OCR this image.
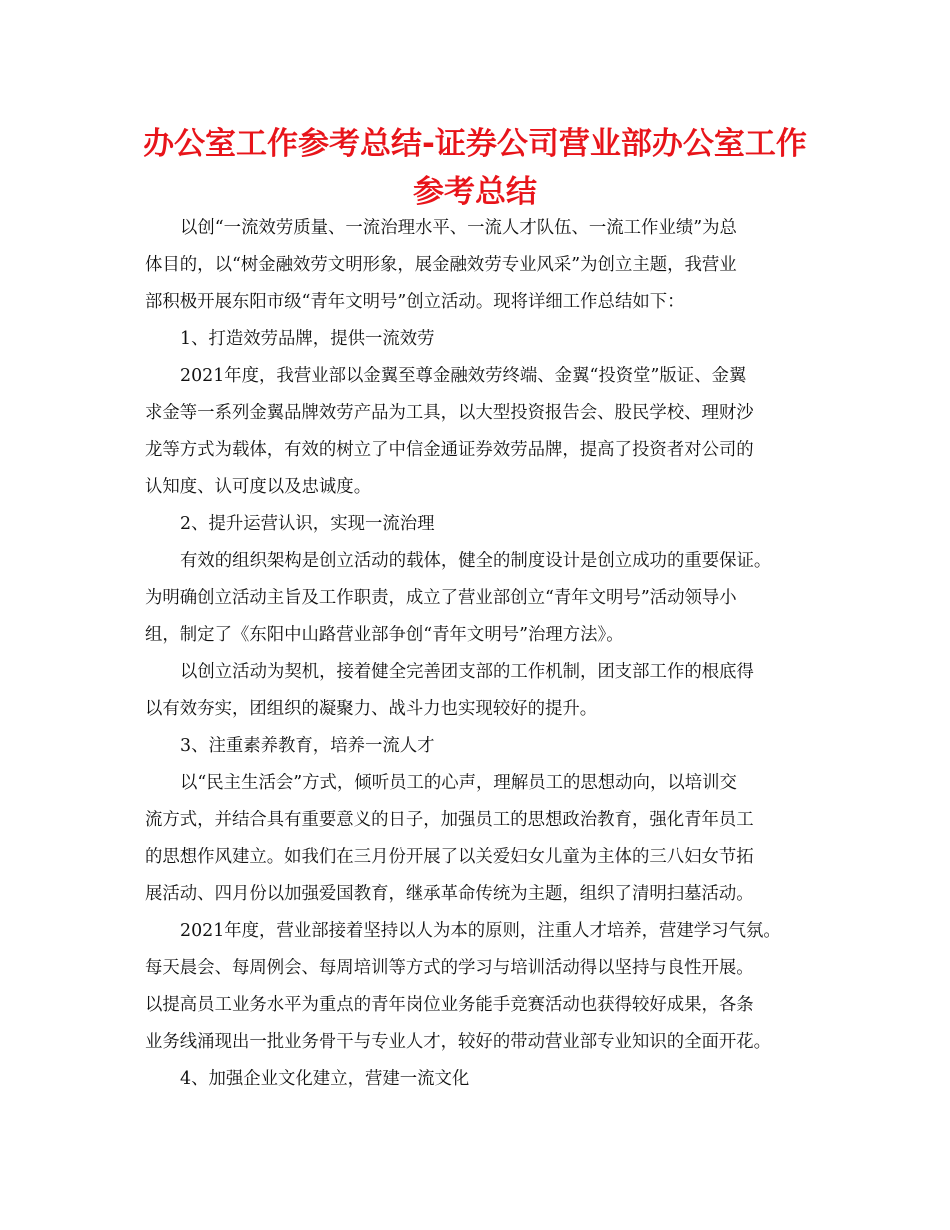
办公室工作参考总结-证券公司营业部办公室工作
参考总结
以创“一流效劳质量、一流治理水平、一流人才队伍、一流工作业绩”为总
体目的，以“树金融效劳文明形象，展金融效劳专业风采”为创立主题，我营业
部积极开展东阳市级“青年文明号”创立活动。现将详细工作总结如下：
1、打造效劳品牌，提供一流效劳
2021年度，我营业部以金翼至尊金融效劳终端、金翼“投资堂”版证、金翼
求金等一系列金翼品牌效劳产品为工具，以大型投资报告会、股民学校、理财沙
龙等方式为载体，有效的树立了中信金通证券效劳品牌，提高了投资者对公司的
认知度、认可度以及忠诚度。
2、提升运营认识，实现一流治理
有效的组织架构是创立活动的载体，健全的制度设计是创立成功的重要保证。
为明确创立活动主旨及工作职责，成立了营业部创立“青年文明号”活动领导小
组，制定了《东阳中山路营业部争创“青年文明号”治理方法》。
以创立活动为契机，接着健全完善团支部的工作机制，团支部工作的根底得
以有效夯实，团组织的凝聚力、战斗力也实现较好的提升。
3、注重素养教育，培养一流人才
以“民主生活会”方式，倾听员工的心声，理解员工的思想动向，以培训交
流方式，并结合具有重要意义的日子，加强员工的思想政治教育，强化青年员工
的思想作风建立。如我们在三月份开展了以关爱妇女儿童为主体的三八妇女节拓
展活动、四月份以加强爱国教育，继承革命传统为主题，组织了清明扫墓活动。
2021年度，营业部接着坚持以人为本的原则，注重人才培养，营建学习气氛。
每天晨会、每周例会、每周培训等方式的学习与培训活动得以坚持与良性开展。
以提高员工业务水平为重点的青年岗位业务能手竞赛活动也获得较好成果，各条
业务线涌现出一批业务骨干与专业人才，较好的带动营业部专业知识的全面开花。
4、加强企业文化建立，营建一流文化
